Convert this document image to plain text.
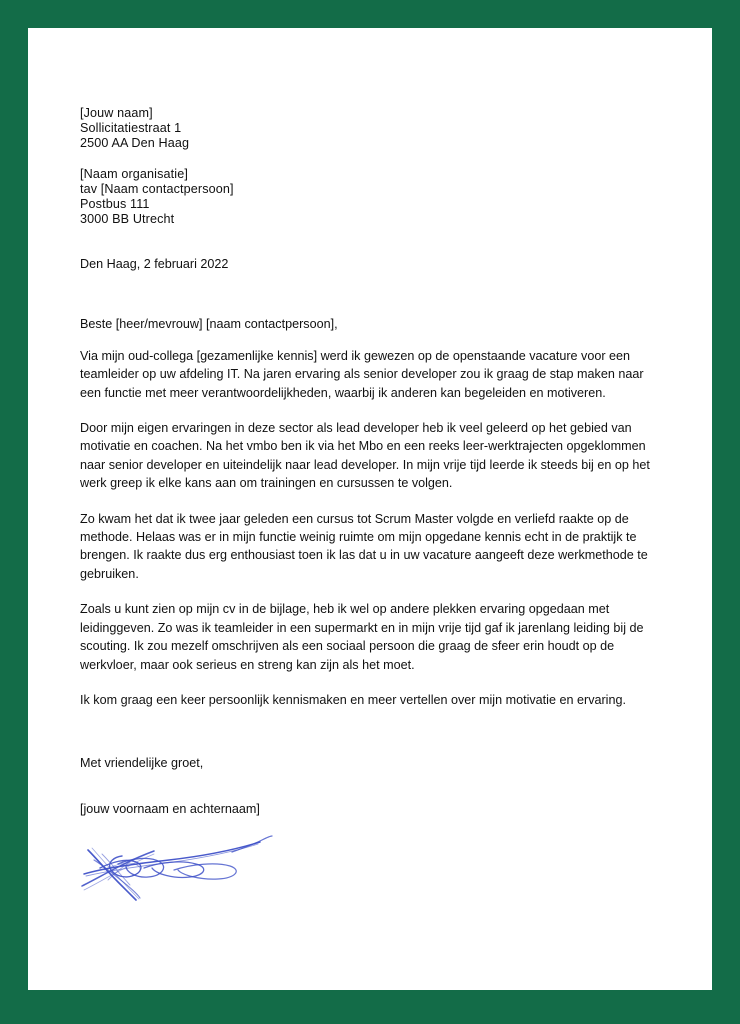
[Jouw naam]
Sollicitatiestraat 1
2500 AA Den Haag
[Naam organisatie]
tav [Naam contactpersoon]
Postbus 111
3000 BB Utrecht
Den Haag, 2 februari 2022
Beste [heer/mevrouw] [naam contactpersoon],

Via mijn oud-collega [gezamenlijke kennis] werd ik gewezen op de openstaande vacature voor een teamleider op uw afdeling IT. Na jaren ervaring als senior developer zou ik graag de stap maken naar een functie met meer verantwoordelijkheden, waarbij ik anderen kan begeleiden en motiveren.

Door mijn eigen ervaringen in deze sector als lead developer heb ik veel geleerd op het gebied van motivatie en coachen. Na het vmbo ben ik via het Mbo en een reeks leer-werktrajecten opgeklommen naar senior developer en uiteindelijk naar lead developer. In mijn vrije tijd leerde ik steeds bij en op het werk greep ik elke kans aan om trainingen en cursussen te volgen.

Zo kwam het dat ik twee jaar geleden een cursus tot Scrum Master volgde en verliefd raakte op de methode. Helaas was er in mijn functie weinig ruimte om mijn opgedane kennis echt in de praktijk te brengen. Ik raakte dus erg enthousiast toen ik las dat u in uw vacature aangeeft deze werkmethode te gebruiken.

Zoals u kunt zien op mijn cv in de bijlage, heb ik wel op andere plekken ervaring opgedaan met leidinggeven. Zo was ik teamleider in een supermarkt en in mijn vrije tijd gaf ik jarenlang leiding bij de scouting. Ik zou mezelf omschrijven als een sociaal persoon die graag de sfeer erin houdt op de werkvloer, maar ook serieus en streng kan zijn als het moet.

Ik kom graag een keer persoonlijk kennismaken en meer vertellen over mijn motivatie en ervaring.

Met vriendelijke groet,
[jouw voornaam en achternaam]
